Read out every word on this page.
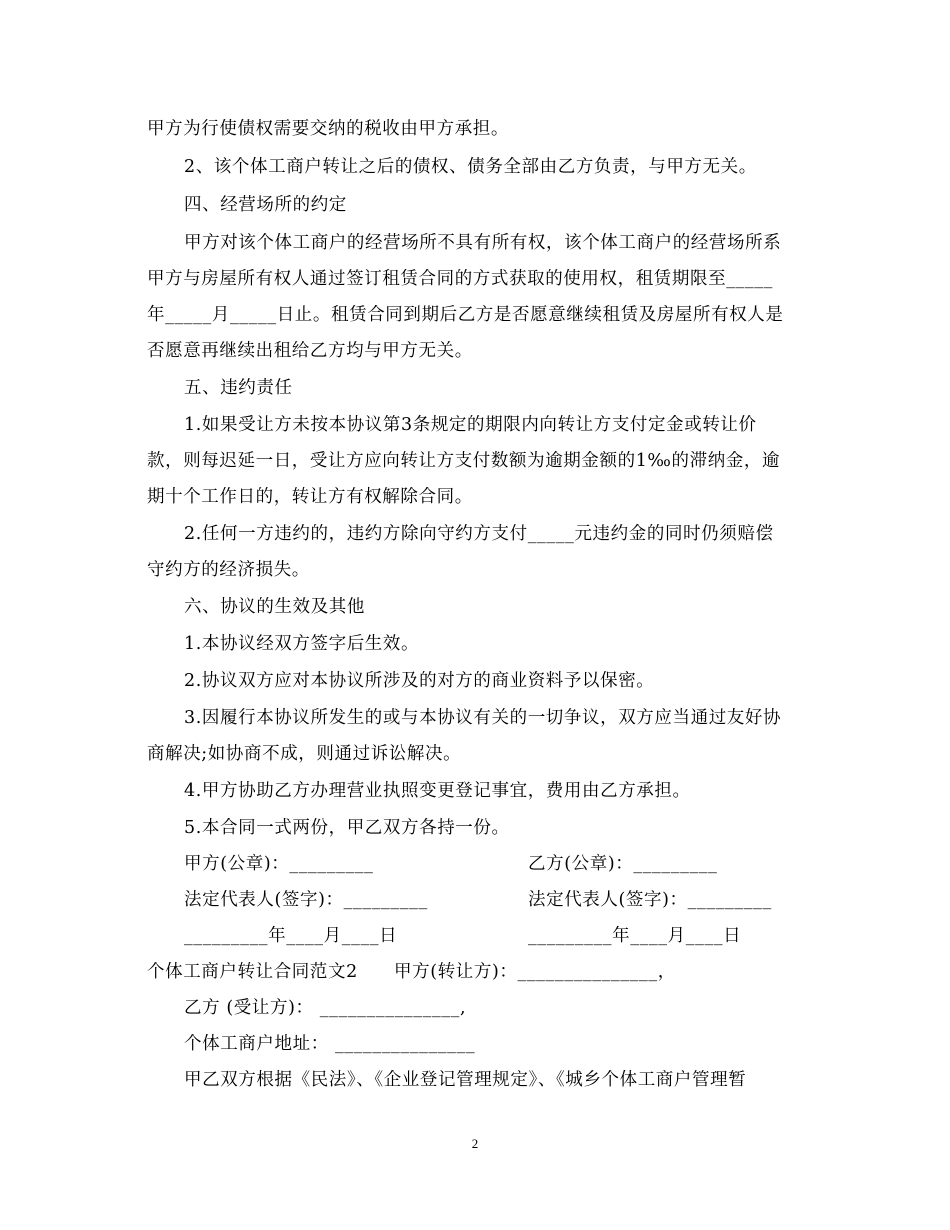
甲方为行使债权需要交纳的税收由甲方承担。
2、该个体工商户转让之后的债权、债务全部由乙方负责，与甲方无关。
四、经营场所的约定
甲方对该个体工商户的经营场所不具有所有权，该个体工商户的经营场所系
甲方与房屋所有权人通过签订租赁合同的方式获取的使用权，租赁期限至_____
年_____月_____日止。租赁合同到期后乙方是否愿意继续租赁及房屋所有权人是
否愿意再继续出租给乙方均与甲方无关。
五、违约责任
1.如果受让方未按本协议第3条规定的期限内向转让方支付定金或转让价
款，则每迟延一日，受让方应向转让方支付数额为逾期金额的1‰的滞纳金，逾
期十个工作日的，转让方有权解除合同。
2.任何一方违约的，违约方除向守约方支付_____元违约金的同时仍须赔偿
守约方的经济损失。
六、协议的生效及其他
1.本协议经双方签字后生效。
2.协议双方应对本协议所涉及的对方的商业资料予以保密。
3.因履行本协议所发生的或与本协议有关的一切争议，双方应当通过友好协
商解决;如协商不成，则通过诉讼解决。
4.甲方协助乙方办理营业执照变更登记事宜，费用由乙方承担。
5.本合同一式两份，甲乙双方各持一份。
甲方(公章)：_________	乙方(公章)：_________
法定代表人(签字)：_________	法定代表人(签字)：_________
_________年____月____日	_________年____月____日
个体工商户转让合同范文2　　甲方(转让方)：_______________，
乙方 (受让方)： _______________,
个体工商户地址： _______________
甲乙双方根据《民法》、《企业登记管理规定》、《城乡个体工商户管理暂
2
